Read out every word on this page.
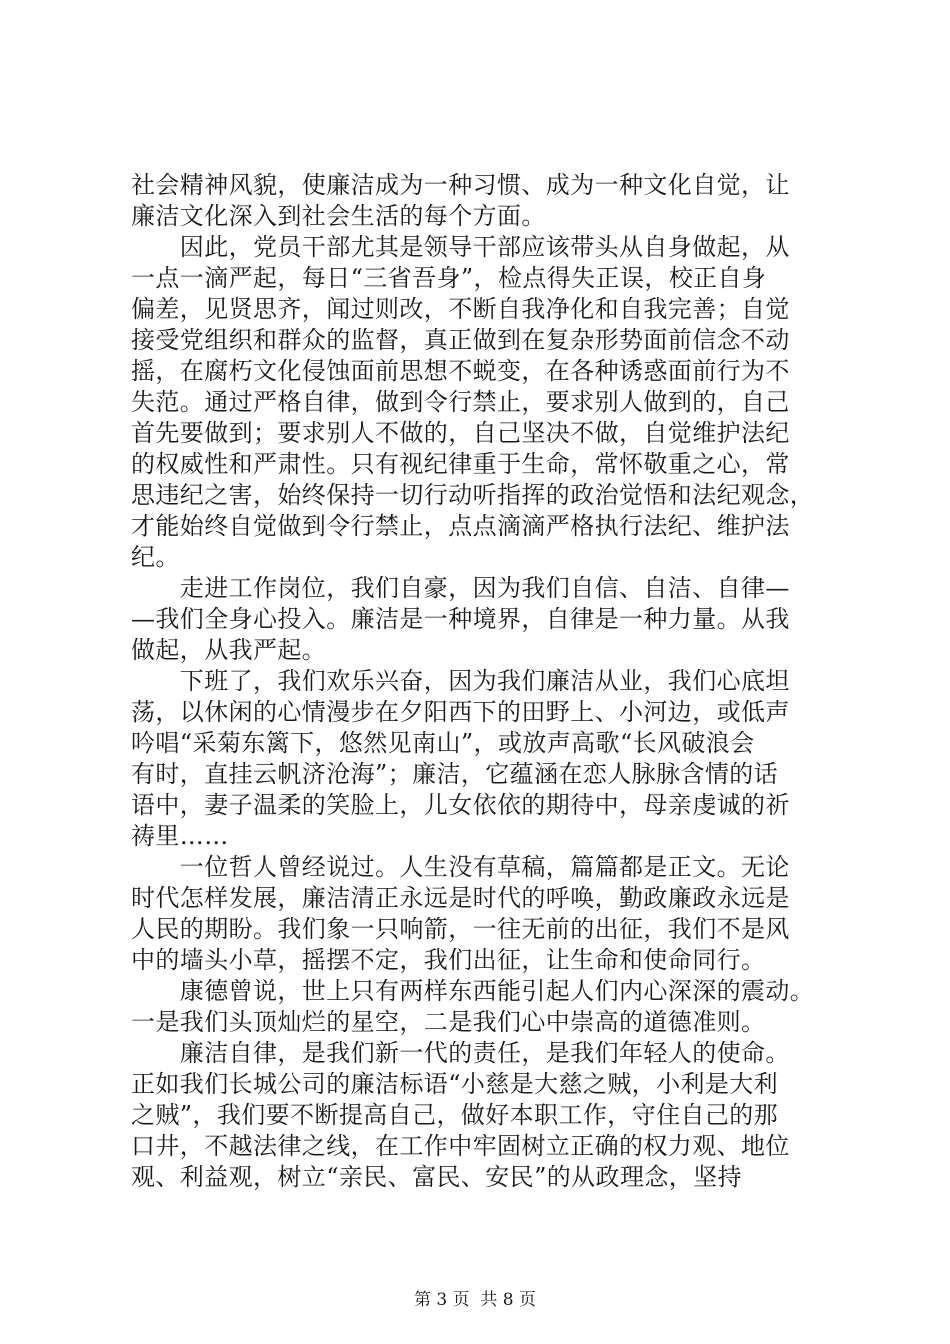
社会精神风貌，使廉洁成为一种习惯、成为一种文化自觉，让
廉洁文化深入到社会生活的每个方面。
　　因此，党员干部尤其是领导干部应该带头从自身做起，从
一点一滴严起，每日“三省吾身”，检点得失正误，校正自身
偏差，见贤思齐，闻过则改，不断自我净化和自我完善；自觉
接受党组织和群众的监督，真正做到在复杂形势面前信念不动
摇，在腐朽文化侵蚀面前思想不蜕变，在各种诱惑面前行为不
失范。通过严格自律，做到令行禁止，要求别人做到的，自己
首先要做到；要求别人不做的，自己坚决不做，自觉维护法纪
的权威性和严肃性。只有视纪律重于生命，常怀敬重之心，常
思违纪之害，始终保持一切行动听指挥的政治觉悟和法纪观念，
才能始终自觉做到令行禁止，点点滴滴严格执行法纪、维护法
纪。
　　走进工作岗位，我们自豪，因为我们自信、自洁、自律—
—我们全身心投入。廉洁是一种境界，自律是一种力量。从我
做起，从我严起。
　　下班了，我们欢乐兴奋，因为我们廉洁从业，我们心底坦
荡，以休闲的心情漫步在夕阳西下的田野上、小河边，或低声
吟唱“采菊东篱下，悠然见南山”，或放声高歌“长风破浪会
有时，直挂云帆济沧海”；廉洁，它蕴涵在恋人脉脉含情的话
语中，妻子温柔的笑脸上，儿女依依的期待中，母亲虔诚的祈
祷里……
　　一位哲人曾经说过。人生没有草稿，篇篇都是正文。无论
时代怎样发展，廉洁清正永远是时代的呼唤，勤政廉政永远是
人民的期盼。我们象一只响箭，一往无前的出征，我们不是风
中的墙头小草，摇摆不定，我们出征，让生命和使命同行。
　　康德曾说，世上只有两样东西能引起人们内心深深的震动。
一是我们头顶灿烂的星空，二是我们心中崇高的道德准则。
　　廉洁自律，是我们新一代的责任，是我们年轻人的使命。
正如我们长城公司的廉洁标语“小慈是大慈之贼，小利是大利
之贼”，我们要不断提高自己，做好本职工作，守住自己的那
口井，不越法律之线，在工作中牢固树立正确的权力观、地位
观、利益观，树立“亲民、富民、安民”的从政理念，坚持
第 3 页  共 8 页
